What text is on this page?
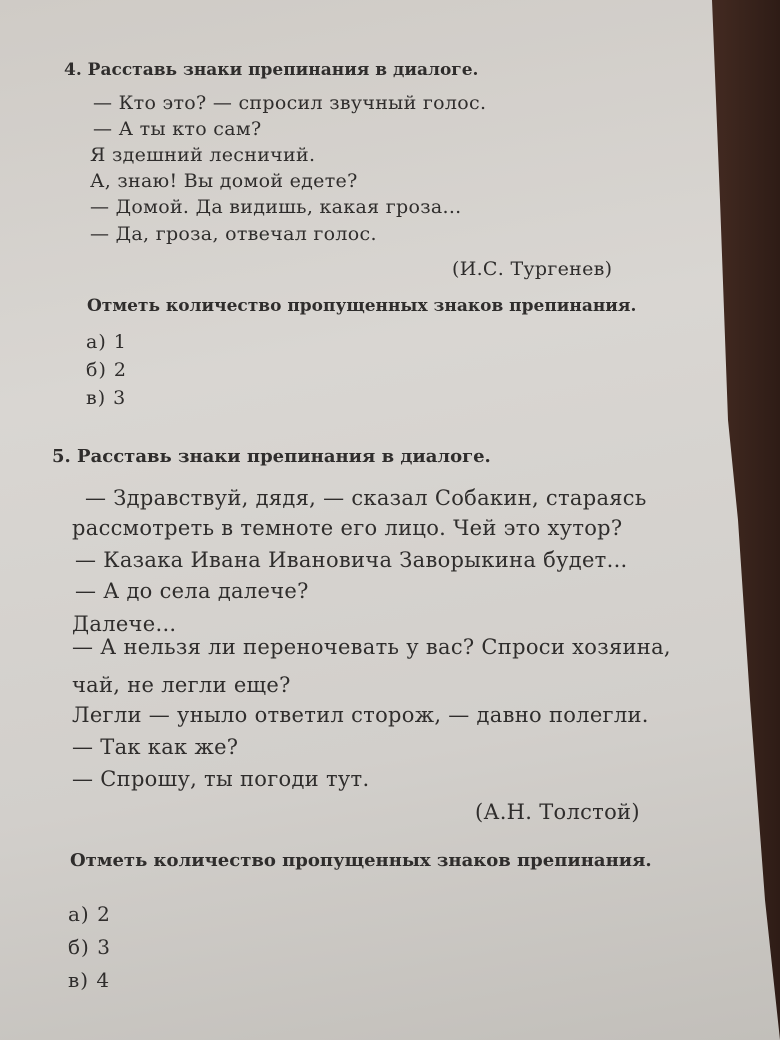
4. Расставь знаки препинания в диалоге.
— Кто это? — спросил звучный голос.
— А ты кто сам?
Я здешний лесничий.
А, знаю! Вы домой едете?
— Домой. Да видишь, какая гроза...
— Да, гроза, отвечал голос.
(И.С. Тургенев)
Отметь количество пропущенных знаков препинания.
а) 1
б) 2
в) 3
5. Расставь знаки препинания в диалоге.
— Здравствуй, дядя, — сказал Собакин, стараясь
рассмотреть в темноте его лицо. Чей это хутор?
— Казака Ивана Ивановича Заворыкина будет...
— А до села далече?
Далече...
— А нельзя ли переночевать у вас? Спроси хозяина,
чай, не легли еще?
Легли — уныло ответил сторож, — давно полегли.
— Так как же?
— Спрошу, ты погоди тут.
(А.Н. Толстой)
Отметь количество пропущенных знаков препинания.
а) 2
б) 3
в) 4
